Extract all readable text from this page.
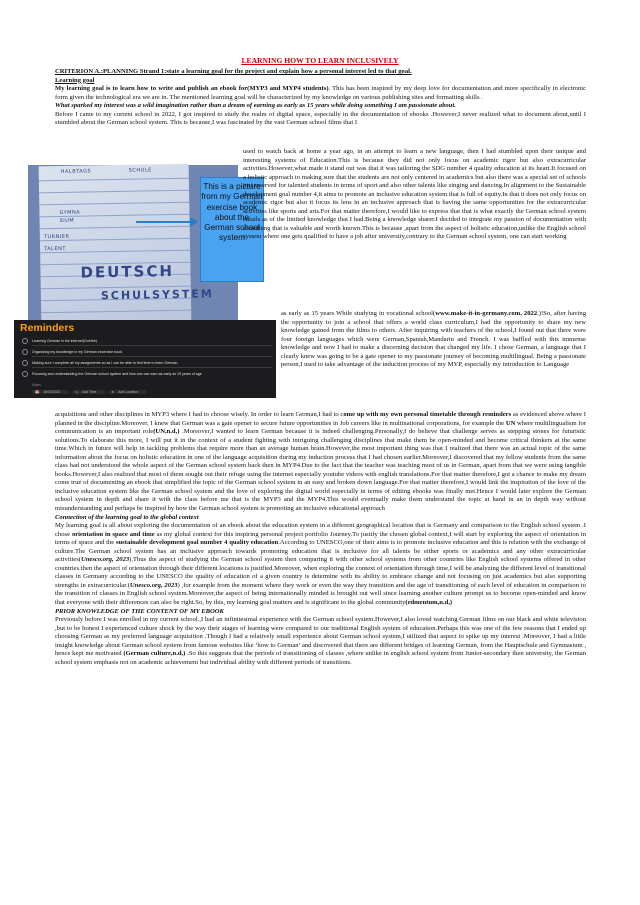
LEARNING HOW TO LEARN INCLUSIVELY

CRITERION A.:PLANNING Strand 1:state a learning goal for the project and explain how a personal interest led to that goal.

Learning goal

My learning goal is to learn how to write and publish an ebook for(MYP3 and MYP4 students). This has been inspired by my deep love for documentation and more specifically in electronic form given the technological era we are in. The mentioned learning goal will be characterized by my knowledge on various publishing sites and formatting skills .

What sparked my interest was a wild imagination rather than a dream of earning as early as 15 years while doing something I am passionate about.

Before I came to my current school in 2022, I got inspired to study the realm of digital space, especially in the documentation of ebooks .However,I never realized what to document about,until I stumbled about the German school system. This is because,I was fascinated by the vast German school films that I

HALBTAGS	SCHULE
GYMNA
SIUM
TURNIER
TALENT
DEUTSCH
SCHULSYSTEM
This is a picture from my German exercise book about the German school system
Reminders
Learning German in the internet(Goethe)
Organizing my knowledge in my German excercise book.
Making sure I complete all my assignments so as I can be able to find time to learn German.
Focusing and understanding the German school system and how one can earn as early as 15 years of age
Notes
📅 16/03/2023	◷ Add Time	➤ Add Location

used to watch back at home a year ago, in an attempt to learn a new language, then I had stumbled upon their unique and interesting systems of Education.This is because they did not only focus on academic rigor but also extracurricular activities.However,what made it stand out was that it was tailoring the SDG number 4 quality education at its heart.It focused on a holistic approach to making sure that the students are not only centered in academics but also there was a special set of schools just reserved for talented students in terms of sport and also other talents like singing and dancing.In alignment to the Sustainable development goal number 4,it aims to promote an inclusive education system that is full of equity.In that it does not only focus on academic rigor but also it focus its lens in an inclusive approach that is having the same opportunities for the extracurricular activities like sports and arts.For that matter therefore,I would like to express that that is what exactly the German school system entails as of the limited knowledge that I had.Being a knowledge sharer.I decided to integrate my passion of documentation with something that is valuable and worth known.This is because ,apart from the aspect of holistic education,unlike the English school system where one gets qualified to have a job after university,contrary to the German school system, one can start working

as early as 15 years While studying in vocational school(www.make-it-in-germany.com, 2022.)!So, after having the opportunity to join a school that offers a world class curriculum,I had the opportunity to share my new knowledge gained from the films to others. After inquiring with teachers of the school,I found out that there were four foreign languages which were German,Spanish,Mandarin and French. I was baffled with this immense knowledge and now I had to make a discerning decision that changed my life. I chose German, a language that I clearly knew was going to be a gate opener to my passionate journey of becoming multilingual. Being a passionate person,I used to take advantage of the induction process of my MYP, especially my introduction to Language

acquisitions and other disciplines in MYP3 where I had to choose wisely. In order to learn German,I had to come up with my own personal timetable through reminders as evidenced above.where I planned in the discipline.Moreover, I knew that German was a gate opener to secure future opportunities in Job careers like in multinational corporations, for example the UN where multilingualism for communication is an important role(UN,n.d,) .Moreover,I wanted to learn German because it is indeed challenging.Personally,I do believe that challenge serves as stepping stones for futuristic solutions.To elaborate this more, I will put it in the context of a student fighting with intriguing challenging disciplines that make them be open-minded and become critical thinkers at the same time.Which in future will help in tackling problems that require more than an average human brain.However,the most important thing was that I realized that there was an actual topic of the same information about the focus on holistic education in one of the language acquisition during my induction process that I had chosen earlier.Moreover,I discovered that my fellow students from the same class had not understood the whole aspect of the German school system back then in MYP4.Due to the fact that the teacher was teaching most of us in German, apart from that we were using tangible books.However,I also realized that most of them sought out their refuge using the internet especially youtube videos with english translations.For that matter therefore,I got a chance to make my dream come true of documenting an ebook that simplified the topic of the German school system in an easy and broken down language.For that matter therefore,I would link the inspiration of the love of the inclusive education system like the German school system and the love of exploring the digital world especially in terms of editing ebooks was finally met.Hence I would later explore the German school system in depth and share it with the class before me that is the MYP3 and the MYP4.This would eventually make them understand the topic at hand in an in depth way without misunderstanding and perhaps be inspired by how the German school system is promoting an inclusive educational approach

Connection of the learning goal to the global context

My learning goal is all about exploring the documentation of an ebook about the education system in a different geographical location that is Germany and comparison to the English school system .I chose orientation in space and time as my global context for this inspiring personal project portfolio Journey.To justify the chosen global context,I will start by exploring the aspect of orientation in terms of space and the sustainable development goal number 4 quality education.According to UNESCO,one of their aims is to promote inclusive education and this is relation with the exchange of culture.The German school system has an inclusive approach towards promoting education that is inclusive for all talents be either sports or academics and any other extracurricular activities(Unesco.org, 2023).Thus the aspect of studying the German school system then comparing it with other school systems from other countries like English school systems offered in other countries.then the aspect of orientation through their different locations is justified.Moreover, when exploring the context of orientation through time,I will be analyzing the different level of transitional classes in Germany according to the UNESCO the quality of education of a given country is determine with its ability to embrace change and not focusing on just academics but also supporting strengths in extracurricular.(Unesco.org, 2023) ,for example from the moment where they work or even the way they transition and the age of transitioning of each level of education in comparison to the transition of classes in English school system.Moreover,the aspect of being internationally minded is brought out well since learning another culture prompt us to become open-minded and know that everyone with their differences can also be right.So, by this, my learning goal matters and is significant to the global community(edmentum,n.d,)

PRIOR KNOWLEDGE OF THE CONTENT OF MY EBOOK

Previously before I was enrolled in my current school.,I had an infinitesimal experience with the German school system.However,I also loved watching German films on our black and white television ,but to be honest I experienced culture shock by the way their stages of learning were compared to our traditional English system of education.Perhaps this was one of the few reasons that I ended up choosing German as my preferred language acquisition .Though I had a relatively small experience about German school system,I utilized that aspect to spike up my interest .Moreover, I had a little insight knowledge about German school system from famous websites like ‘how to German’ and discovered that there are different bridges of learning German, from the Hauptschule and Gymnasium , hence kept me motivated (German culture,n.d,) .So this suggests that the periods of transitioning of classes ,where unlike in english school system from Junior-secondary then university, the German school system emphasis not on academic achievement but individual ability with different periods of transitions.
